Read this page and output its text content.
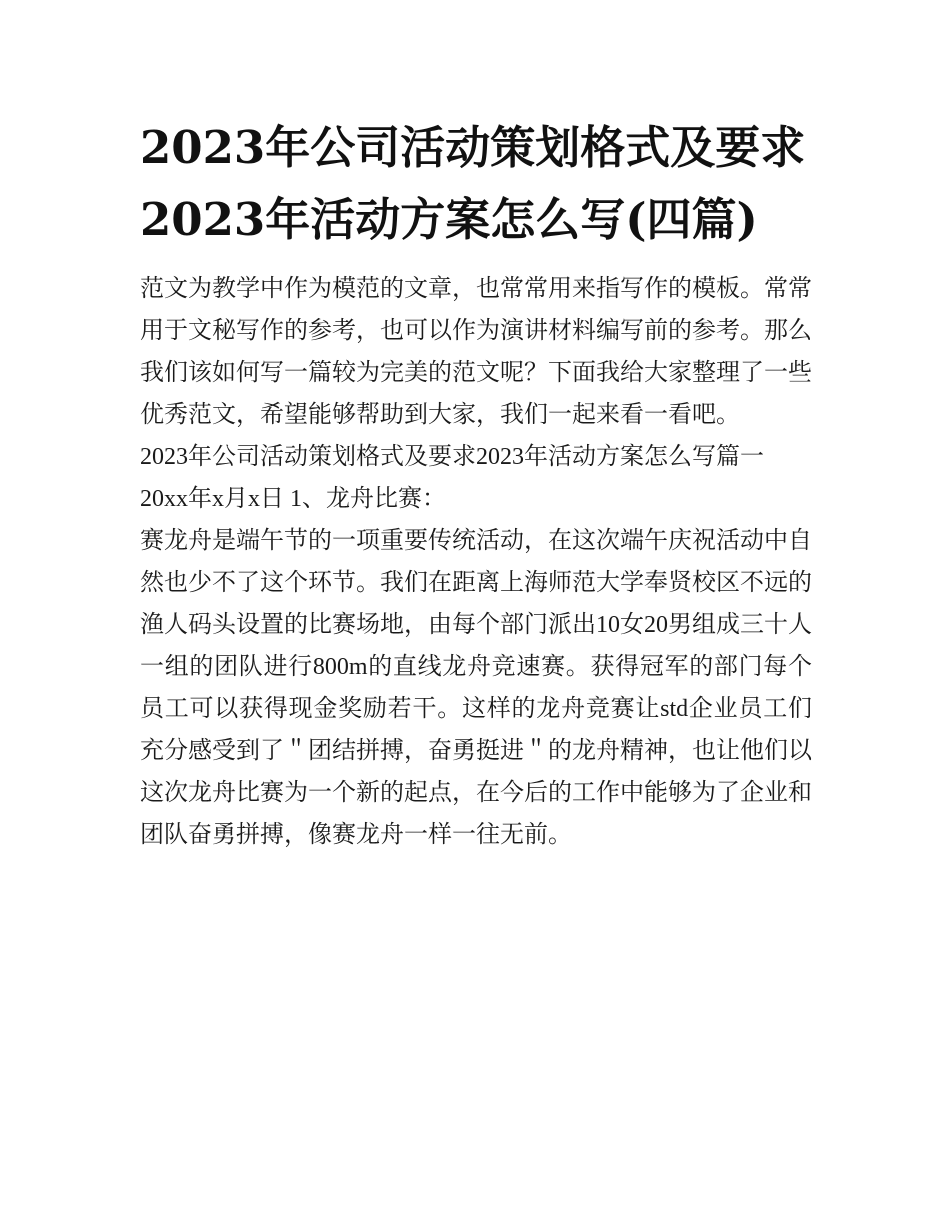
2023年公司活动策划格式及要求2023年活动方案怎么写(四篇)

范文为教学中作为模范的文章，也常常用来指写作的模板。常常用于文秘写作的参考，也可以作为演讲材料编写前的参考。那么我们该如何写一篇较为完美的范文呢？下面我给大家整理了一些优秀范文，希望能够帮助到大家，我们一起来看一看吧。

2023年公司活动策划格式及要求2023年活动方案怎么写篇一

20xx年x月x日 1、龙舟比赛：

赛龙舟是端午节的一项重要传统活动，在这次端午庆祝活动中自然也少不了这个环节。我们在距离上海师范大学奉贤校区不远的渔人码头设置的比赛场地，由每个部门派出10女20男组成三十人一组的团队进行800m的直线龙舟竞速赛。获得冠军的部门每个员工可以获得现金奖励若干。这样的龙舟竞赛让std企业员工们充分感受到了＂团结拼搏，奋勇挺进＂的龙舟精神，也让他们以这次龙舟比赛为一个新的起点，在今后的工作中能够为了企业和团队奋勇拼搏，像赛龙舟一样一往无前。
